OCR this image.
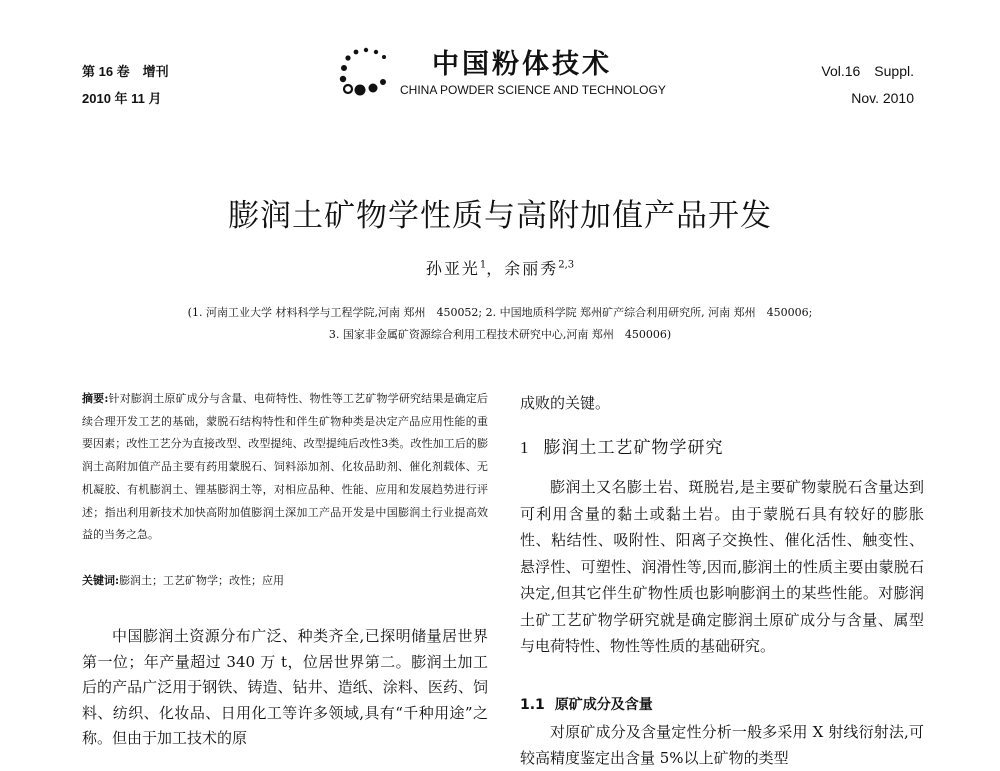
第 16 卷　增刊
2010 年 11 月
中国粉体技术
CHINA POWDER SCIENCE AND TECHNOLOGY
Vol.16　Suppl.
Nov. 2010
膨润土矿物学性质与高附加值产品开发
孙亚光$^1$，余丽秀$^{2,3}$
(1. 河南工业大学 材料科学与工程学院,河南 郑州　450052; 2. 中国地质科学院 郑州矿产综合利用研究所, 河南 郑州　450006;
3. 国家非金属矿资源综合利用工程技术研究中心,河南 郑州　450006)
摘要:针对膨润土原矿成分与含量、电荷特性、物性等工艺矿物学研究结果是确定后续合理开发工艺的基础，蒙脱石结构特性和伴生矿物种类是决定产品应用性能的重要因素；改性工艺分为直接改型、改型提纯、改型提纯后改性3类。改性加工后的膨润土高附加值产品主要有药用蒙脱石、饲料添加剂、化妆品助剂、催化剂载体、无机凝胶、有机膨润土、锂基膨润土等，对相应品种、性能、应用和发展趋势进行评述；指出利用新技术加快高附加值膨润土深加工产品开发是中国膨润土行业提高效益的当务之急。
关键词:膨润土；工艺矿物学；改性；应用
中国膨润土资源分布广泛、种类齐全,已探明储量居世界第一位；年产量超过 340 万 t，位居世界第二。膨润土加工后的产品广泛用于钢铁、铸造、钻井、造纸、涂料、医药、饲料、纺织、化妆品、日用化工等许多领域,具有“千种用途”之称。但由于加工技术的原
成败的关键。
1 膨润土工艺矿物学研究
膨润土又名膨土岩、斑脱岩,是主要矿物蒙脱石含量达到可利用含量的黏土或黏土岩。由于蒙脱石具有较好的膨胀性、粘结性、吸附性、阳离子交换性、催化活性、触变性、悬浮性、可塑性、润滑性等,因而,膨润土的性质主要由蒙脱石决定,但其它伴生矿物性质也影响膨润土的某些性能。对膨润土矿工艺矿物学研究就是确定膨润土原矿成分与含量、属型与电荷特性、物性等性质的基础研究。
1.1 原矿成分及含量
对原矿成分及含量定性分析一般多采用 X 射线衍射法,可较高精度鉴定出含量 5%以上矿物的类型
